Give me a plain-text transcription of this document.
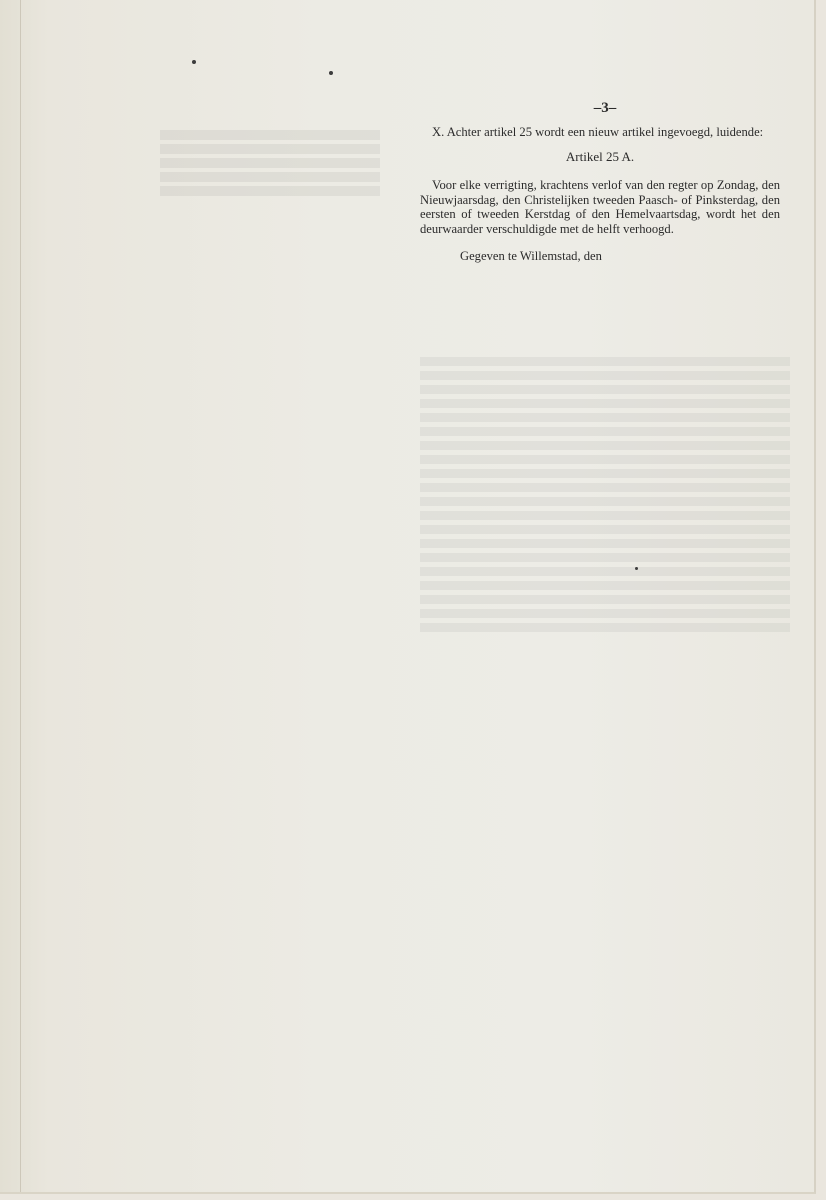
–3–

X. Achter artikel 25 wordt een nieuw artikel ingevoegd, luidende:

Artikel 25 A.

Voor elke verrigting, krachtens verlof van den regter op Zondag, den Nieuwjaarsdag, den Christelijken tweeden Paasch- of Pinksterdag, den eersten of tweeden Kerstdag of den Hemelvaartsdag, wordt het den deurwaarder verschuldigde met de helft verhoogd.

Gegeven te Willemstad, den
